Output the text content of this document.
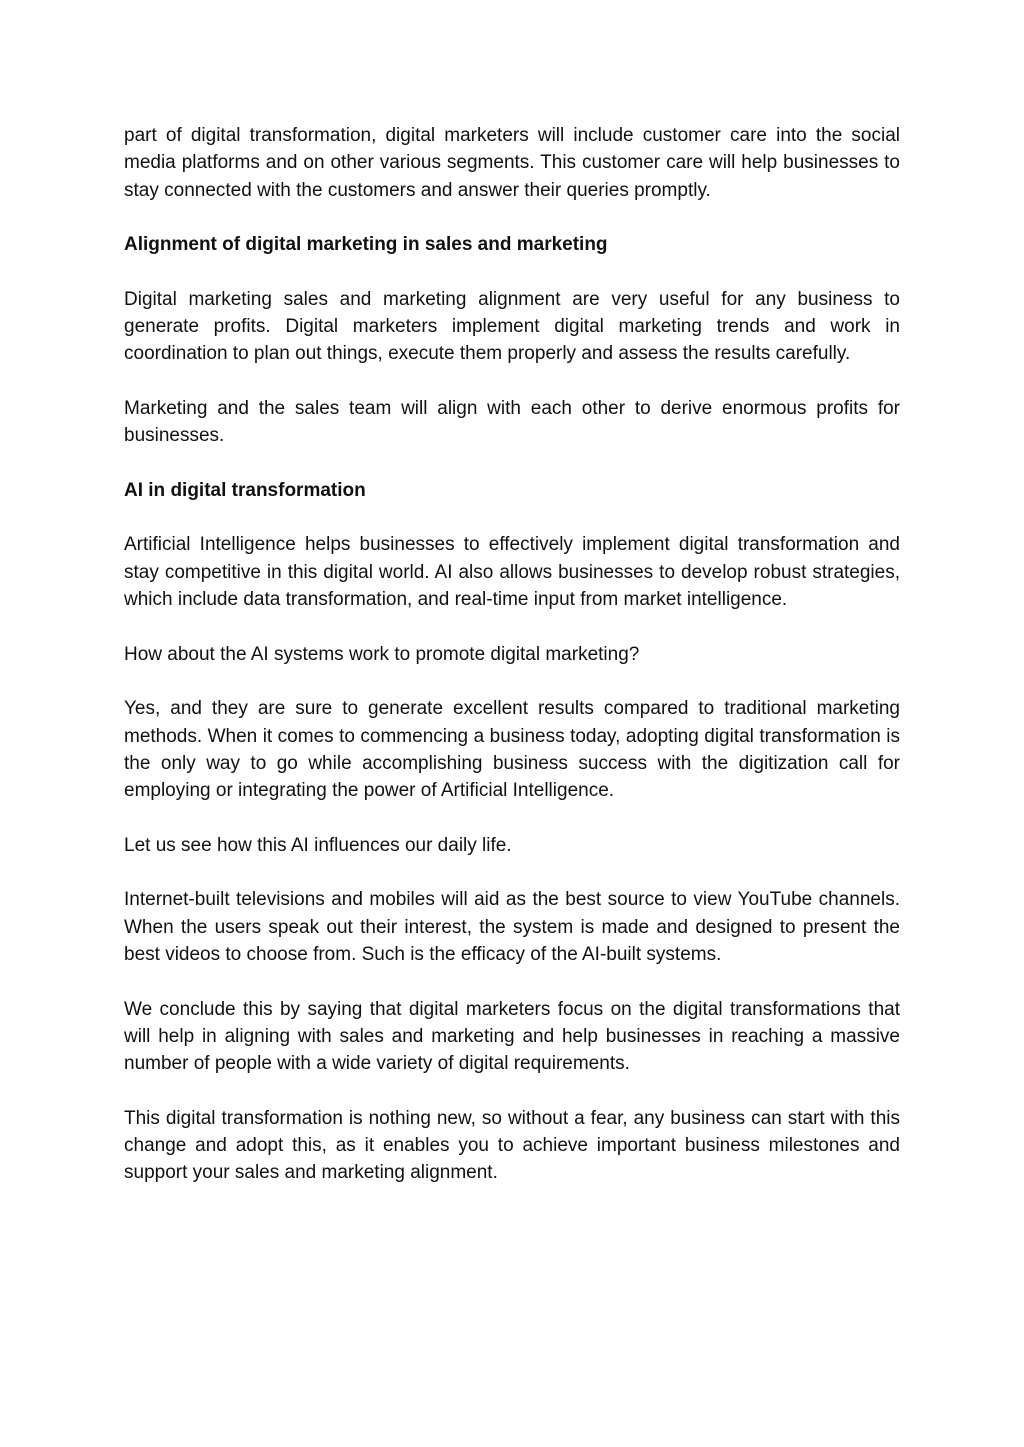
part of digital transformation, digital marketers will include customer care into the social media platforms and on other various segments. This customer care will help businesses to stay connected with the customers and answer their queries promptly.

Alignment of digital marketing in sales and marketing

Digital marketing sales and marketing alignment are very useful for any business to generate profits. Digital marketers implement digital marketing trends and work in coordination to plan out things, execute them properly and assess the results carefully.

Marketing and the sales team will align with each other to derive enormous profits for businesses.

AI in digital transformation

Artificial Intelligence helps businesses to effectively implement digital transformation and stay competitive in this digital world. AI also allows businesses to develop robust strategies, which include data transformation, and real-time input from market intelligence.

How about the AI systems work to promote digital marketing?

Yes, and they are sure to generate excellent results compared to traditional marketing methods. When it comes to commencing a business today, adopting digital transformation is the only way to go while accomplishing business success with the digitization call for employing or integrating the power of Artificial Intelligence.

Let us see how this AI influences our daily life.

Internet-built televisions and mobiles will aid as the best source to view YouTube channels. When the users speak out their interest, the system is made and designed to present the best videos to choose from. Such is the efficacy of the AI-built systems.

We conclude this by saying that digital marketers focus on the digital transformations that will help in aligning with sales and marketing and help businesses in reaching a massive number of people with a wide variety of digital requirements.

This digital transformation is nothing new, so without a fear, any business can start with this change and adopt this, as it enables you to achieve important business milestones and support your sales and marketing alignment.
